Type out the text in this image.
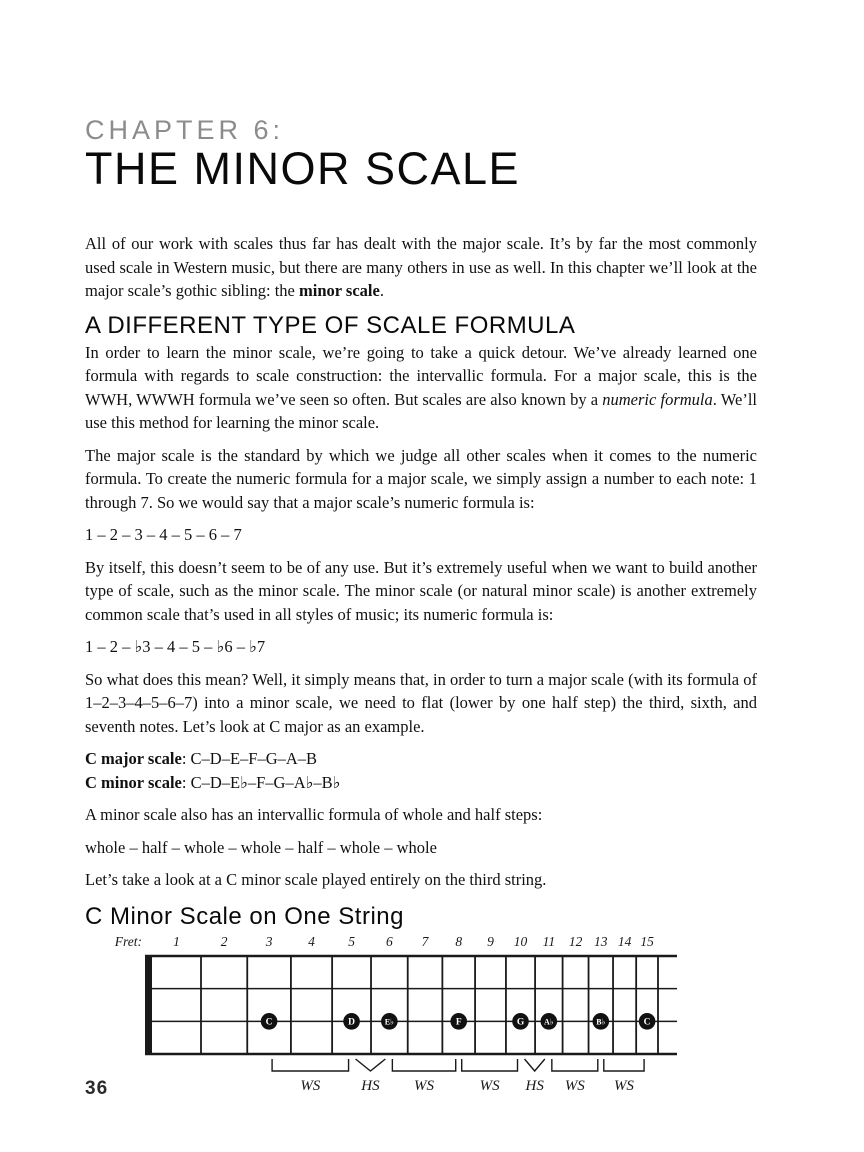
CHAPTER 6:
THE MINOR SCALE

All of our work with scales thus far has dealt with the major scale. It’s by far the most commonly used scale in Western music, but there are many others in use as well. In this chapter we’ll look at the major scale’s gothic sibling: the minor scale.

A DIFFERENT TYPE OF SCALE FORMULA

In order to learn the minor scale, we’re going to take a quick detour. We’ve already learned one formula with regards to scale construction: the intervallic formula. For a major scale, this is the WWH, WWWH formula we’ve seen so often. But scales are also known by a numeric formula. We’ll use this method for learning the minor scale.

The major scale is the standard by which we judge all other scales when it comes to the numeric formula. To create the numeric formula for a major scale, we simply assign a number to each note: 1 through 7. So we would say that a major scale’s numeric formula is:

1 – 2 – 3 – 4 – 5 – 6 – 7

By itself, this doesn’t seem to be of any use. But it’s extremely useful when we want to build another type of scale, such as the minor scale. The minor scale (or natural minor scale) is another extremely common scale that’s used in all styles of music; its numeric formula is:

1 – 2 – ♭3 – 4 – 5 – ♭6 – ♭7

So what does this mean? Well, it simply means that, in order to turn a major scale (with its formula of 1–2–3–4–5–6–7) into a minor scale, we need to flat (lower by one half step) the third, sixth, and seventh notes. Let’s look at C major as an example.

C major scale: C–D–E–F–G–A–B

C minor scale: C–D–E♭–F–G–A♭–B♭

A minor scale also has an intervallic formula of whole and half steps:

whole – half – whole – whole – half – whole – whole

Let’s take a look at a C minor scale played entirely on the third string.

C Minor Scale on One String
Fret: 1	2	3	4 5 6 7 8 9 10 11 12 13 14 15
C	D	E♭	F	G A♭	B♭	C
WS	HS WS	WS HS WS WS
36
